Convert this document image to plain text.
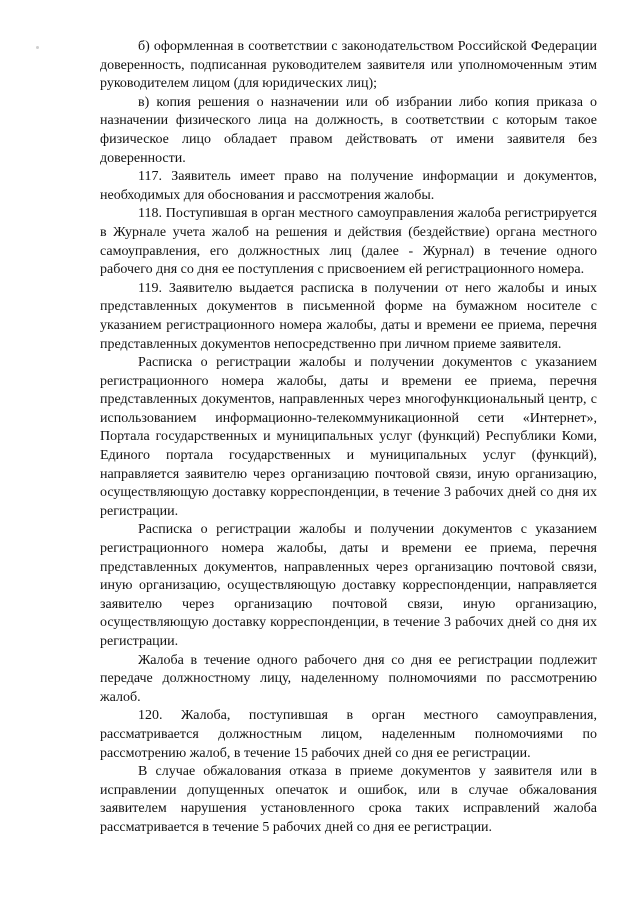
б) оформленная в соответствии с законодательством Российской Федерации доверенность, подписанная руководителем заявителя или уполномоченным этим руководителем лицом (для юридических лиц);

в) копия решения о назначении или об избрании либо копия приказа о назначении физического лица на должность, в соответствии с которым такое физическое лицо обладает правом действовать от имени заявителя без доверенности.

117. Заявитель имеет право на получение информации и документов, необходимых для обоснования и рассмотрения жалобы.

118. Поступившая в орган местного самоуправления жалоба регистрируется в Журнале учета жалоб на решения и действия (бездействие) органа местного самоуправления, его должностных лиц (далее - Журнал) в течение одного рабочего дня со дня ее поступления с присвоением ей регистрационного номера.

119. Заявителю выдается расписка в получении от него жалобы и иных представленных документов в письменной форме на бумажном носителе с указанием регистрационного номера жалобы, даты и времени ее приема, перечня представленных документов непосредственно при личном приеме заявителя.

Расписка о регистрации жалобы и получении документов с указанием регистрационного номера жалобы, даты и времени ее приема, перечня представленных документов, направленных через многофункциональный центр, с использованием информационно-телекоммуникационной сети «Интернет», Портала государственных и муниципальных услуг (функций) Республики Коми, Единого портала государственных и муниципальных услуг (функций), направляется заявителю через организацию почтовой связи, иную организацию, осуществляющую доставку корреспонденции, в течение 3 рабочих дней со дня их регистрации.

Расписка о регистрации жалобы и получении документов с указанием регистрационного номера жалобы, даты и времени ее приема, перечня представленных документов, направленных через организацию почтовой связи, иную организацию, осуществляющую доставку корреспонденции, направляется заявителю через организацию почтовой связи, иную организацию, осуществляющую доставку корреспонденции, в течение 3 рабочих дней со дня их регистрации.

Жалоба в течение одного рабочего дня со дня ее регистрации подлежит передаче должностному лицу, наделенному полномочиями по рассмотрению жалоб.

120. Жалоба, поступившая в орган местного самоуправления, рассматривается должностным лицом, наделенным полномочиями по рассмотрению жалоб, в течение 15 рабочих дней со дня ее регистрации.

В случае обжалования отказа в приеме документов у заявителя или в исправлении допущенных опечаток и ошибок, или в случае обжалования заявителем нарушения установленного срока таких исправлений жалоба рассматривается в течение 5 рабочих дней со дня ее регистрации.
